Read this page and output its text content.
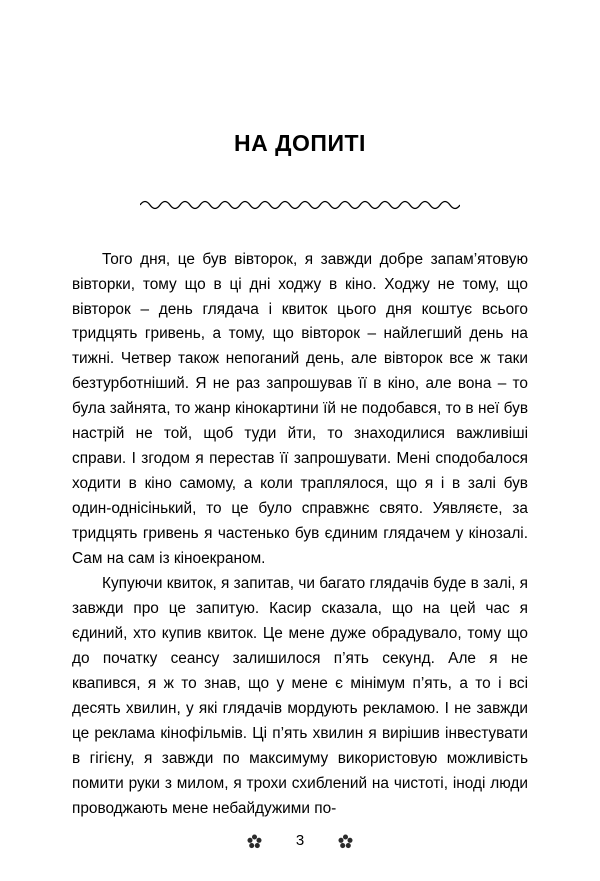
НА ДОПИТІ

Того дня, це був вівторок, я завжди добре запам’ятовую вівторки, тому що в ці дні ходжу в кіно. Ходжу не тому, що вівторок – день глядача і квиток цього дня коштує всього тридцять гривень, а тому, що вівторок – найлегший день на тижні. Четвер також непоганий день, але вівторок все ж таки безтурботніший. Я не раз запрошував її в кіно, але вона – то була зайнята, то жанр кінокартини їй не подобався, то в неї був настрій не той, щоб туди йти, то знаходилися важливіші справи. І згодом я перестав її запрошувати. Мені сподобалося ходити в кіно самому, а коли траплялося, що я і в залі був один-однісінький, то це було справжнє свято. Уявляєте, за тридцять гривень я частенько був єдиним глядачем у кінозалі. Сам на сам із кіноекраном.

Купуючи квиток, я запитав, чи багато глядачів буде в залі, я завжди про це запитую. Касир сказала, що на цей час я єдиний, хто купив квиток. Це мене дуже обрадувало, тому що до початку сеансу залишилося п’ять секунд. Але я не квапився, я ж то знав, що у мене є мінімум п’ять, а то і всі десять хвилин, у які глядачів мордують рекламою. І не завжди це реклама кінофільмів. Ці п’ять хвилин я вирішив інвестувати в гігієну, я завжди по максимуму використовую можливість помити руки з милом, я трохи схиблений на чистоті, іноді люди проводжають мене небайдужими по-

3
